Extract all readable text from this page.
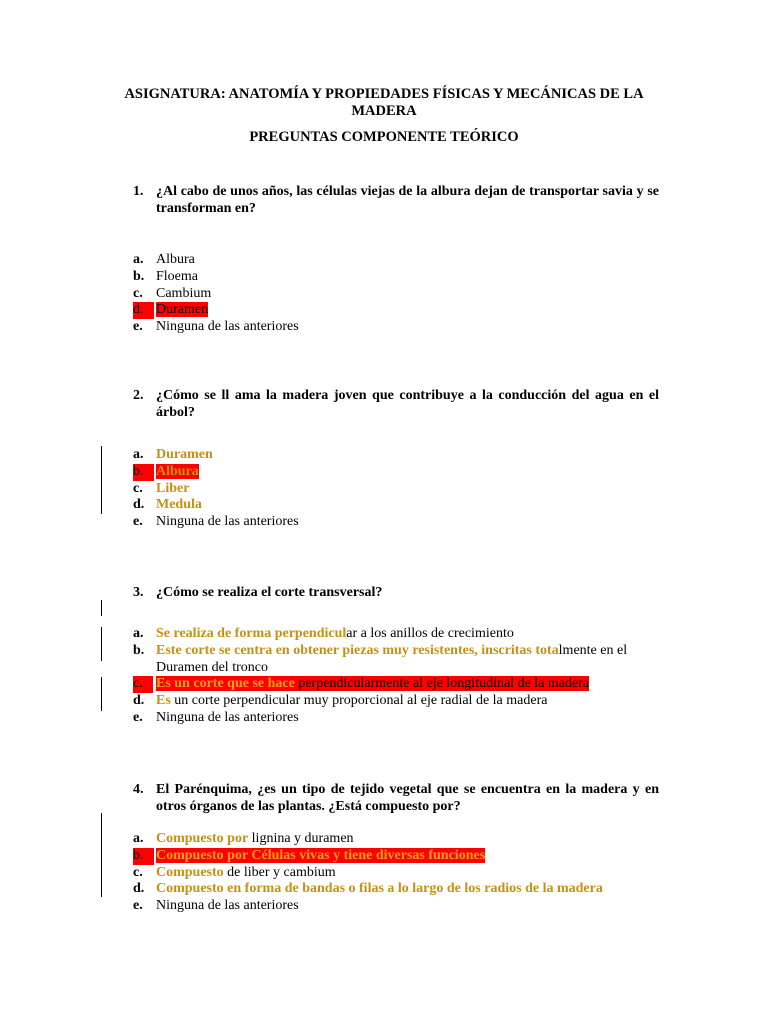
ASIGNATURA: ANATOMÍA Y PROPIEDADES FÍSICAS Y MECÁNICAS DE LA MADERA
PREGUNTAS COMPONENTE TEÓRICO
1. ¿Al cabo de unos años, las células viejas de la albura dejan de transportar savia y se transforman en?
a. Albura
b. Floema
c. Cambium
d. Duramen
e. Ninguna de las anteriores
2. ¿Cómo se ll ama la madera joven que contribuye a la conducción del agua en el árbol?
a. Duramen
b. Albura
c. Liber
d. Medula
e. Ninguna de las anteriores
3. ¿Cómo se realiza el corte transversal?
a. Se realiza de forma perpendicular a los anillos de crecimiento
b. Este corte se centra en obtener piezas muy resistentes, inscritas totalmente en el Duramen del tronco
c. Es un corte que se hace perpendicularmente al eje longitudinal de la madera
d. Es un corte perpendicular muy proporcional al eje radial de la madera
e. Ninguna de las anteriores
4. El Parénquima, ¿es un tipo de tejido vegetal que se encuentra en la madera y en otros órganos de las plantas. ¿Está compuesto por?
a. Compuesto por lignina y duramen
b. Compuesto por Células vivas y tiene diversas funciones
c. Compuesto de liber y cambium
d. Compuesto en forma de bandas o filas a lo largo de los radios de la madera
e. Ninguna de las anteriores
